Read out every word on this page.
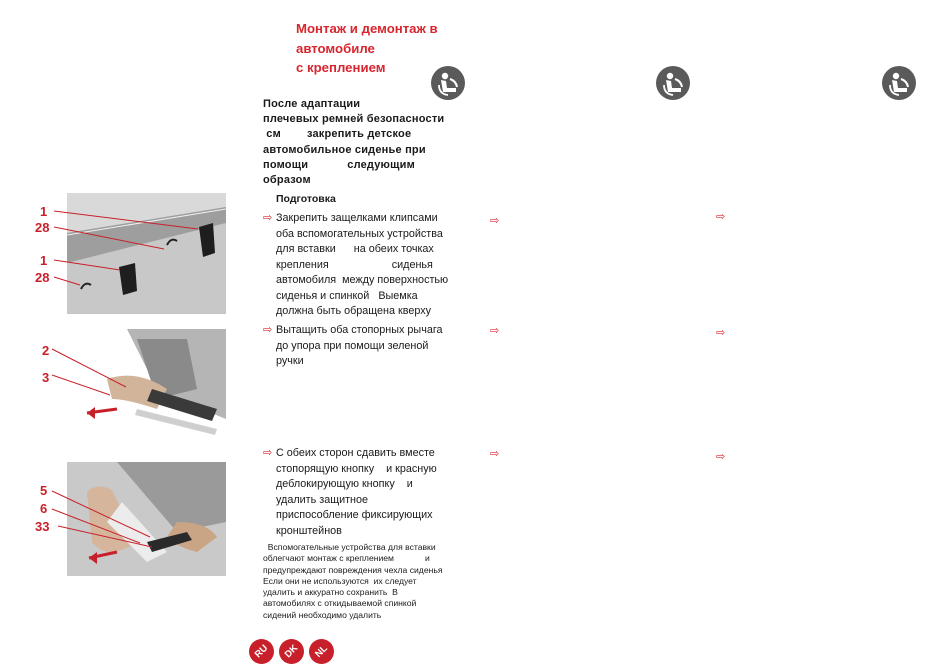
Монтаж и демонтаж в
автомобиле
с креплением
После адаптации
плечевых ремней безопасности
см        закрепить детское
автомобильное сиденье при
помощи            следующим
образом
Подготовка
⇨ Закрепить защелками клипсами
оба вспомогательных устройства
для вставки      на обеих точках
крепления                     сиденья
автомобиля  между поверхностью
сиденья и спинкой   Выемка
должна быть обращена кверху
⇨ Вытащить оба стопорных рычага
до упора при помощи зеленой
ручки
⇨ С обеих сторон сдавить вместе
стопорящую кнопку    и красную
деблокирующую кнопку    и
удалить защитное
приспособление фиксирующих
кронштейнов
Вспомогательные устройства для вставки
облегчают монтаж с креплением             и
предупреждают повреждения чехла сиденья
Если они не используются  их следует
удалить и аккуратно сохранить  В
автомобилях с откидываемой спинкой
сидений необходимо удалить
⇨	⇨
⇨	⇨
⇨	⇨
1
28
1
28
2
3
5
6
33
RU	DK	NL
